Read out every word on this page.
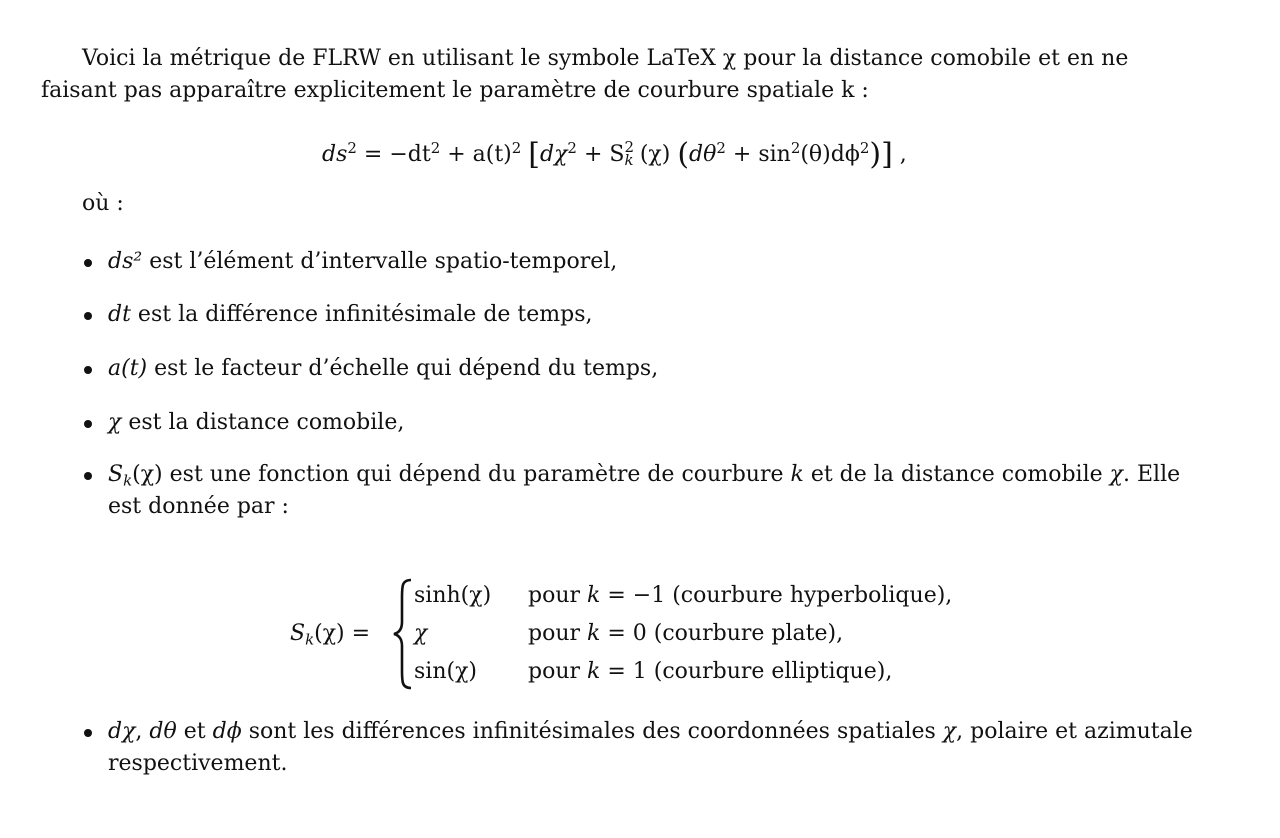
Voici la métrique de FLRW en utilisant le symbole LaTeX χ pour la distance comobile et en ne
faisant pas apparaître explicitement le paramètre de courbure spatiale k :
$ds^2 = -dt^2 + a(t)^2$ [$d\chi^2 + S$ 2
k (χ) $(d\theta^2 + \sin^2(\theta)d\phi^2)$] ,
où :
ds² est l’élément d’intervalle spatio-temporel,
dt est la différence infinitésimale de temps,
a(t) est le facteur d’échelle qui dépend du temps,
χ est la distance comobile,
$S_k(\chi)$ est une fonction qui dépend du paramètre de courbure k et de la distance comobile χ. Elle
est donnée par :
$S_k(\chi)$ =
sinh(χ) pour k = −1 (courbure hyperbolique),
χ	pour k = 0 (courbure plate),
sin(χ) pour k = 1 (courbure elliptique),
dχ, dθ et dϕ sont les différences infinitésimales des coordonnées spatiales χ, polaire et azimutale
respectivement.
